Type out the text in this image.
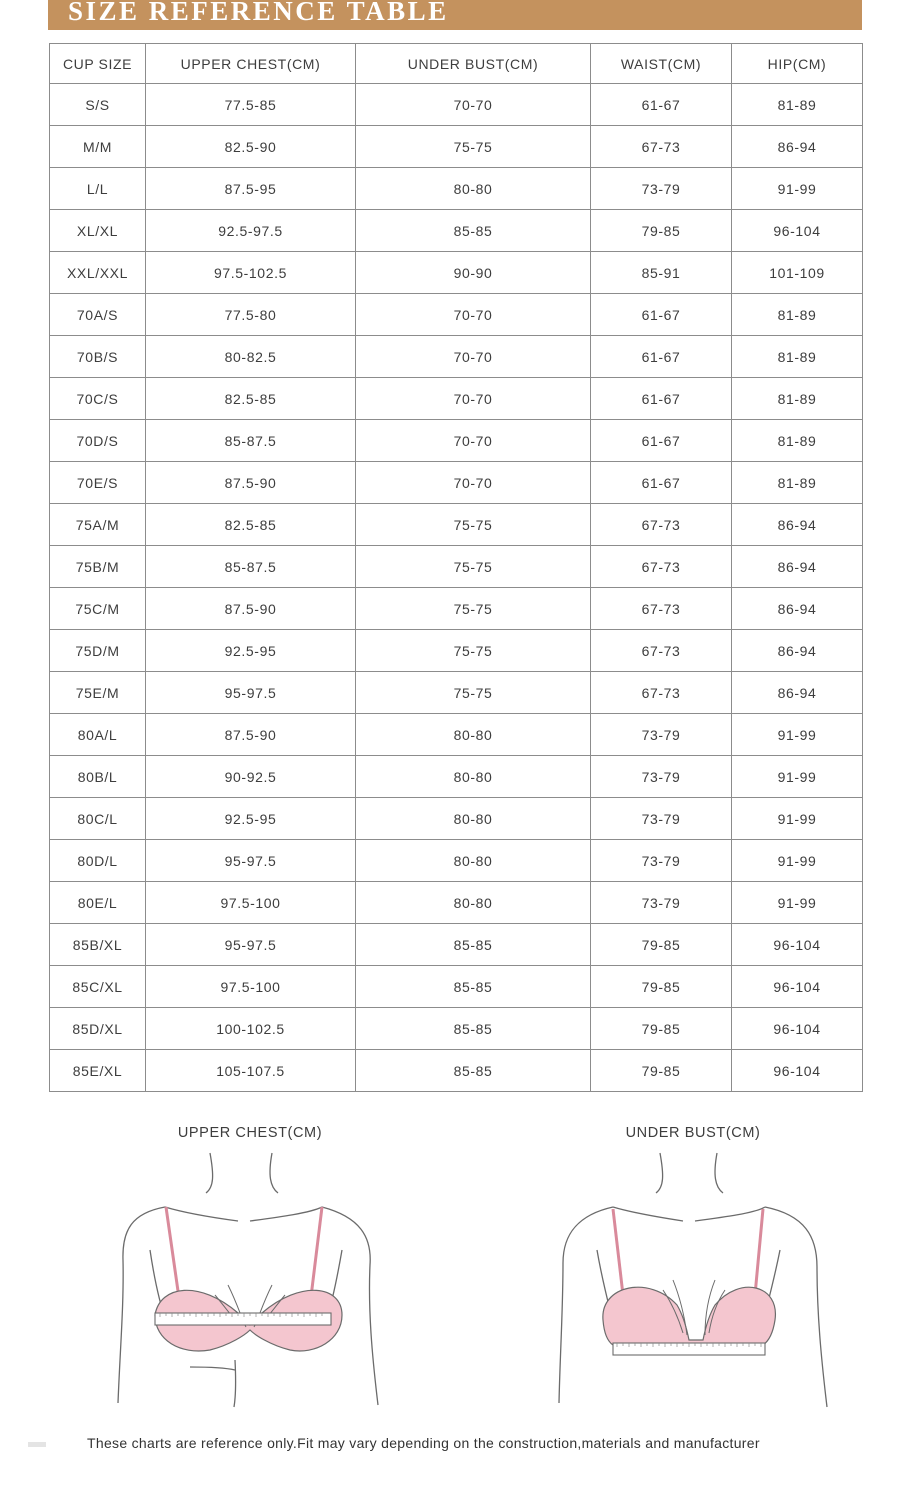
SIZE REFERENCE TABLE
CUP SIZE	UPPER CHEST(CM)	UNDER BUST(CM)	WAIST(CM)	HIP(CM)
S/S	77.5-85	70-70	61-67	81-89
M/M	82.5-90	75-75	67-73	86-94
L/L	87.5-95	80-80	73-79	91-99
XL/XL	92.5-97.5	85-85	79-85	96-104
XXL/XXL	97.5-102.5	90-90	85-91	101-109
70A/S	77.5-80	70-70	61-67	81-89
70B/S	80-82.5	70-70	61-67	81-89
70C/S	82.5-85	70-70	61-67	81-89
70D/S	85-87.5	70-70	61-67	81-89
70E/S	87.5-90	70-70	61-67	81-89
75A/M	82.5-85	75-75	67-73	86-94
75B/M	85-87.5	75-75	67-73	86-94
75C/M	87.5-90	75-75	67-73	86-94
75D/M	92.5-95	75-75	67-73	86-94
75E/M	95-97.5	75-75	67-73	86-94
80A/L	87.5-90	80-80	73-79	91-99
80B/L	90-92.5	80-80	73-79	91-99
80C/L	92.5-95	80-80	73-79	91-99
80D/L	95-97.5	80-80	73-79	91-99
80E/L	97.5-100	80-80	73-79	91-99
85B/XL	95-97.5	85-85	79-85	96-104
85C/XL	97.5-100	85-85	79-85	96-104
85D/XL	100-102.5	85-85	79-85	96-104
85E/XL	105-107.5	85-85	79-85	96-104
UPPER CHEST(CM)	UNDER BUST(CM)
These charts are reference only.Fit may vary depending on the construction,materials and manufacturer
